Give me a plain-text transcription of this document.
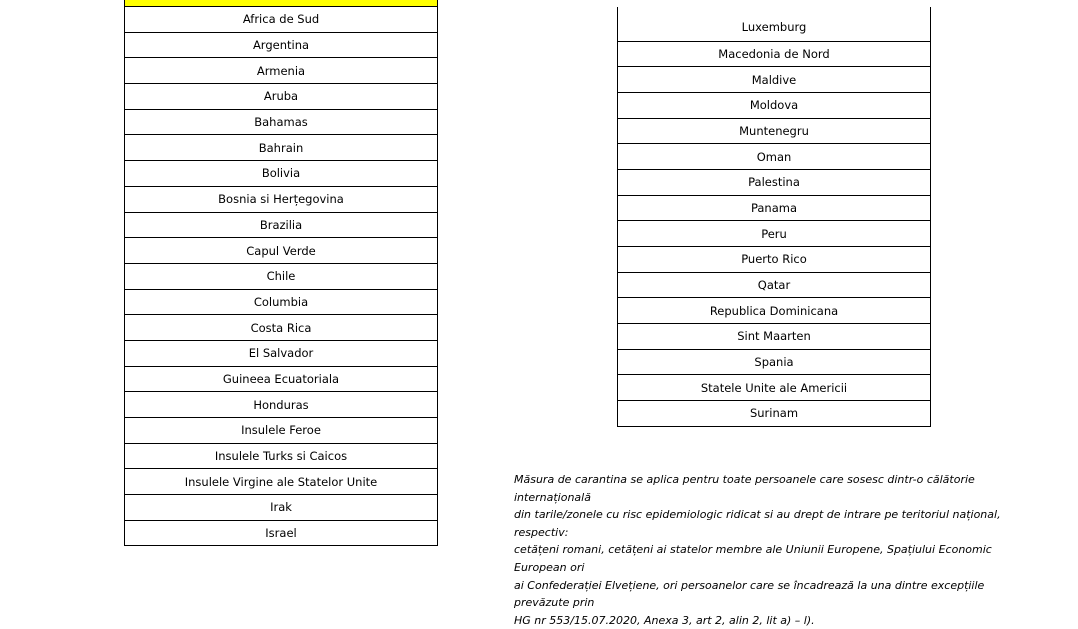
Africa de Sud
Argentina
Armenia
Aruba
Bahamas
Bahrain
Bolivia
Bosnia si Herțegovina
Brazilia
Capul Verde
Chile
Columbia
Costa Rica
El Salvador
Guineea Ecuatoriala
Honduras
Insulele Feroe
Insulele Turks si Caicos
Insulele Virgine ale Statelor Unite
Irak
Israel
Luxemburg
Macedonia de Nord
Maldive
Moldova
Muntenegru
Oman
Palestina
Panama
Peru
Puerto Rico
Qatar
Republica Dominicana
Sint Maarten
Spania
Statele Unite ale Americii
Surinam

Măsura de carantina se aplica pentru toate persoanele care sosesc dintr-o călătorie internațională
din tarile/zonele cu risc epidemiologic ridicat si au drept de intrare pe teritoriul național, respectiv:
cetățeni romani, cetățeni ai statelor membre ale Uniunii Europene, Spațiului Economic European ori
ai Confederației Elvețiene, ori persoanelor care se încadrează la una dintre excepțiile prevăzute prin
HG nr 553/15.07.2020, Anexa 3, art 2, alin 2, lit a) – l).
